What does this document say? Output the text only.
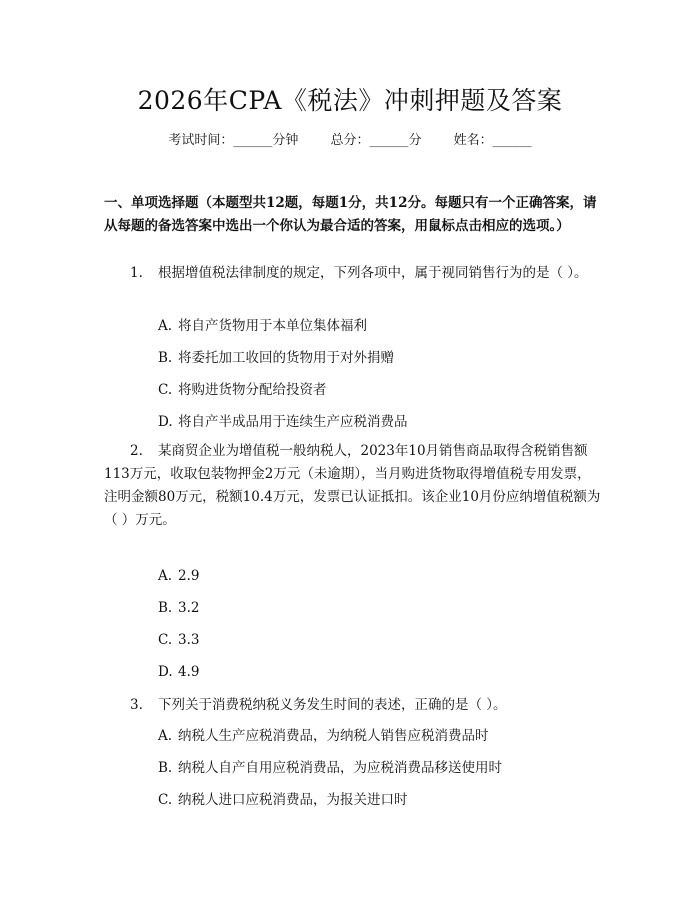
2026年CPA《税法》冲刺押题及答案
考试时间：______分钟 总分：______分 姓名：______
一、单项选择题（本题型共12题，每题1分，共12分。每题只有一个正确答案，请从每题的备选答案中选出一个你认为最合适的答案，用鼠标点击相应的选项。）
1. 根据增值税法律制度的规定，下列各项中，属于视同销售行为的是（ ）。
A. 将自产货物用于本单位集体福利
B. 将委托加工收回的货物用于对外捐赠
C. 将购进货物分配给投资者
D. 将自产半成品用于连续生产应税消费品
2. 某商贸企业为增值税一般纳税人，2023年10月销售商品取得含税销售额113万元，收取包装物押金2万元（未逾期），当月购进货物取得增值税专用发票，注明金额80万元，税额10.4万元，发票已认证抵扣。该企业10月份应纳增值税额为（ ）万元。
A. 2.9
B. 3.2
C. 3.3
D. 4.9
3. 下列关于消费税纳税义务发生时间的表述，正确的是（ ）。
A. 纳税人生产应税消费品，为纳税人销售应税消费品时
B. 纳税人自产自用应税消费品，为应税消费品移送使用时
C. 纳税人进口应税消费品，为报关进口时
